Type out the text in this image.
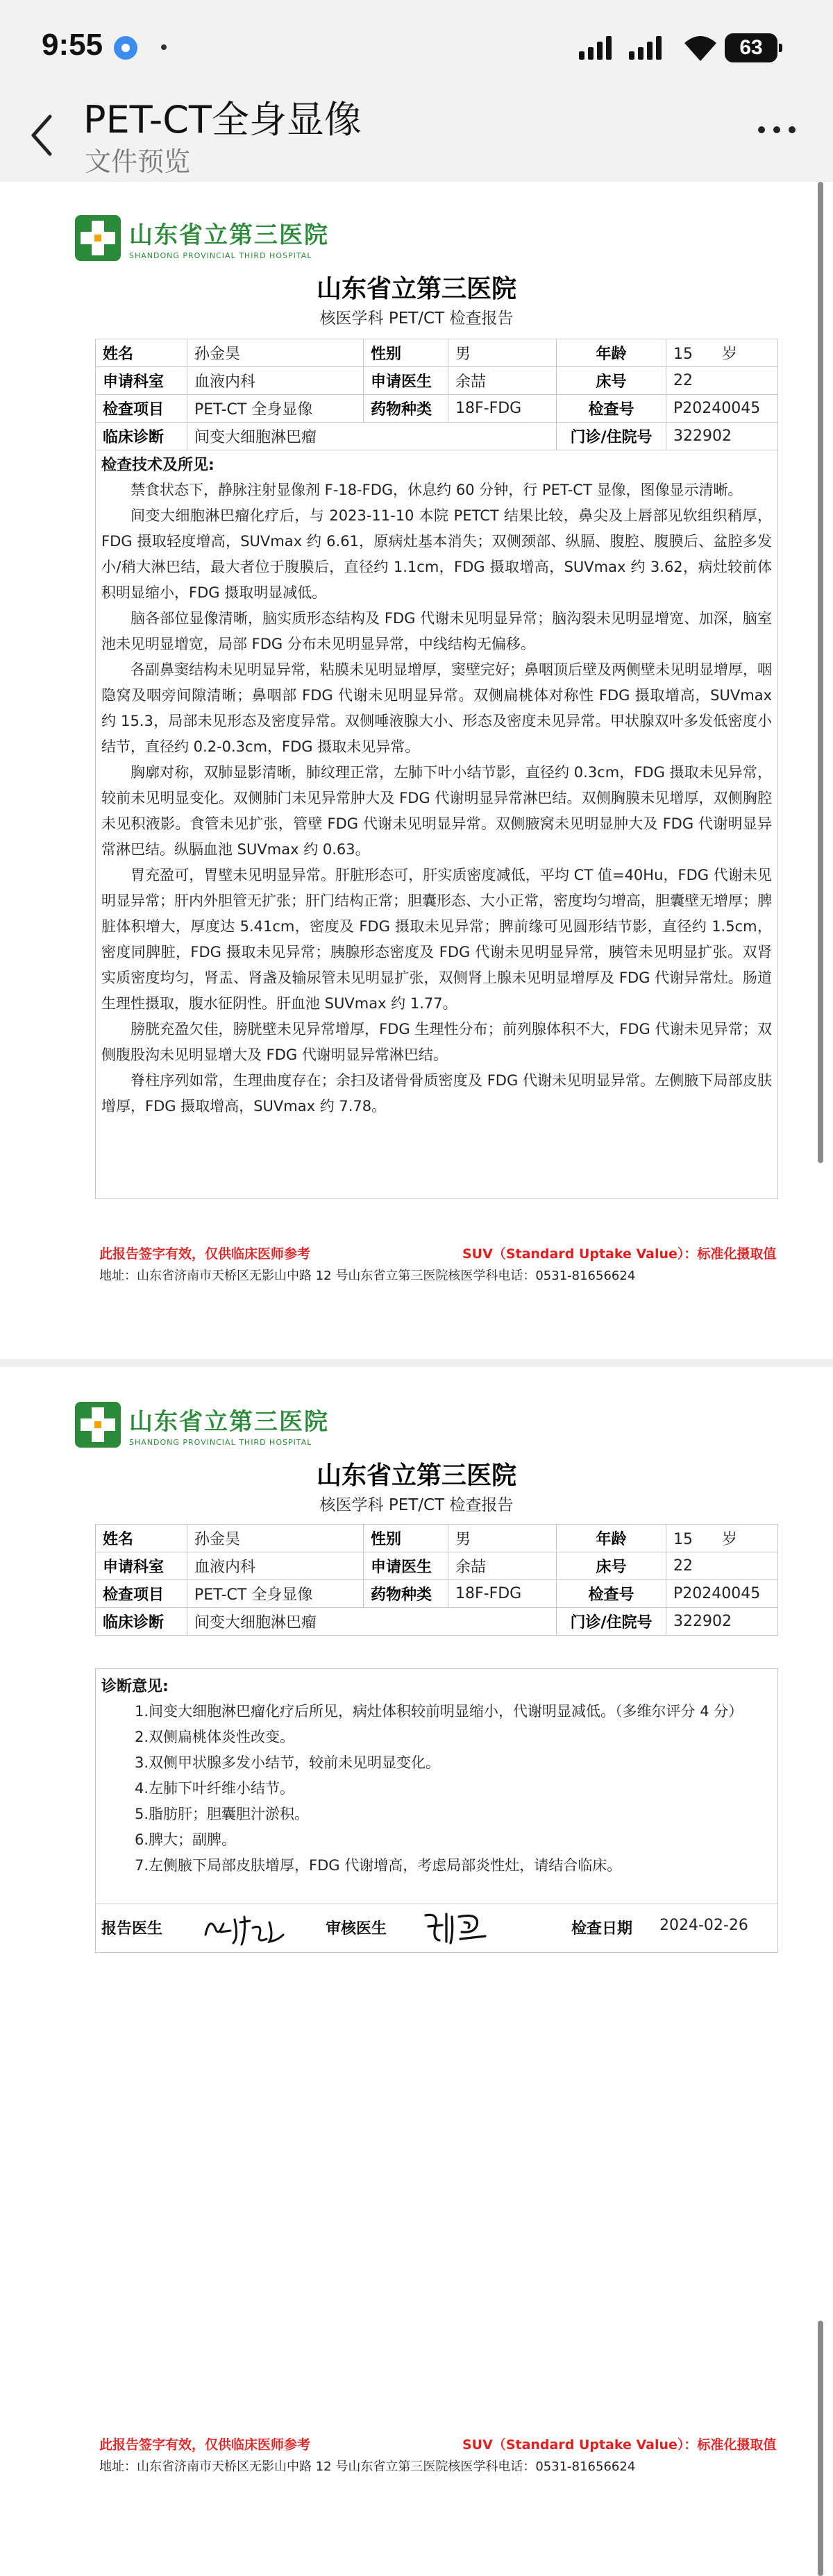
9:55	63
PET-CT全身显像
文件预览
山东省立第三医院
SHANDONG PROVINCIAL THIRD HOSPITAL
山东省立第三医院
核医学科 PET/CT 检查报告
姓名	孙金昊	性别	男	年龄	15 岁
申请科室	血液内科	申请医生	余喆	床号	22
检查项目	PET-CT 全身显像	药物种类	18F-FDG	检查号	P20240045
临床诊断	间变大细胞淋巴瘤			门诊/住院号	322902
检查技术及所见:

禁食状态下，静脉注射显像剂 F-18-FDG，休息约 60 分钟，行 PET-CT 显像，图像显示清晰。

间变大细胞淋巴瘤化疗后，与 2023-11-10 本院 PETCT 结果比较，鼻尖及上唇部见软组织稍厚，FDG 摄取轻度增高，SUVmax 约 6.61，原病灶基本消失；双侧颈部、纵膈、腹腔、腹膜后、盆腔多发小/稍大淋巴结，最大者位于腹膜后，直径约 1.1cm，FDG 摄取增高，SUVmax 约 3.62，病灶较前体积明显缩小，FDG 摄取明显减低。

脑各部位显像清晰，脑实质形态结构及 FDG 代谢未见明显异常；脑沟裂未见明显增宽、加深，脑室池未见明显增宽，局部 FDG 分布未见明显异常，中线结构无偏移。

各副鼻窦结构未见明显异常，粘膜未见明显增厚，窦壁完好；鼻咽顶后壁及两侧壁未见明显增厚，咽隐窝及咽旁间隙清晰；鼻咽部 FDG 代谢未见明显异常。双侧扁桃体对称性 FDG 摄取增高，SUVmax 约 15.3，局部未见形态及密度异常。双侧唾液腺大小、形态及密度未见异常。甲状腺双叶多发低密度小结节，直径约 0.2-0.3cm，FDG 摄取未见异常。

胸廓对称，双肺显影清晰，肺纹理正常，左肺下叶小结节影，直径约 0.3cm，FDG 摄取未见异常，较前未见明显变化。双侧肺门未见异常肿大及 FDG 代谢明显异常淋巴结。双侧胸膜未见增厚，双侧胸腔未见积液影。食管未见扩张，管壁 FDG 代谢未见明显异常。双侧腋窝未见明显肿大及 FDG 代谢明显异常淋巴结。纵膈血池 SUVmax 约 0.63。

胃充盈可，胃壁未见明显异常。肝脏形态可，肝实质密度减低，平均 CT 值=40Hu，FDG 代谢未见明显异常；肝内外胆管无扩张；肝门结构正常；胆囊形态、大小正常，密度均匀增高，胆囊壁无增厚；脾脏体积增大，厚度达 5.41cm，密度及 FDG 摄取未见异常；脾前缘可见圆形结节影，直径约 1.5cm，密度同脾脏，FDG 摄取未见异常；胰腺形态密度及 FDG 代谢未见明显异常，胰管未见明显扩张。双肾实质密度均匀，肾盂、肾盏及输尿管未见明显扩张，双侧肾上腺未见明显增厚及 FDG 代谢异常灶。肠道生理性摄取，腹水征阴性。肝血池 SUVmax 约 1.77。

膀胱充盈欠佳，膀胱壁未见异常增厚，FDG 生理性分布；前列腺体积不大，FDG 代谢未见异常；双侧腹股沟未见明显增大及 FDG 代谢明显异常淋巴结。

脊柱序列如常，生理曲度存在；余扫及诸骨骨质密度及 FDG 代谢未见明显异常。左侧腋下局部皮肤增厚，FDG 摄取增高，SUVmax 约 7.78。

此报告签字有效，仅供临床医师参考	SUV（Standard Uptake Value）：标准化摄取值
地址：山东省济南市天桥区无影山中路 12 号山东省立第三医院核医学科电话：0531-81656624
山东省立第三医院
SHANDONG PROVINCIAL THIRD HOSPITAL
山东省立第三医院
核医学科 PET/CT 检查报告
姓名	孙金昊	性别	男	年龄	15 岁
申请科室	血液内科	申请医生	余喆	床号	22
检查项目	PET-CT 全身显像	药物种类	18F-FDG	检查号	P20240045
临床诊断	间变大细胞淋巴瘤			门诊/住院号	322902
诊断意见:

1.间变大细胞淋巴瘤化疗后所见，病灶体积较前明显缩小，代谢明显减低。（多维尔评分 4 分）

2.双侧扁桃体炎性改变。

3.双侧甲状腺多发小结节，较前未见明显变化。

4.左肺下叶纤维小结节。

5.脂肪肝；胆囊胆汁淤积。

6.脾大；副脾。

7.左侧腋下局部皮肤增厚，FDG 代谢增高，考虑局部炎性灶，请结合临床。

报告医生	审核医生	检查日期 2024-02-26
此报告签字有效，仅供临床医师参考	SUV（Standard Uptake Value）：标准化摄取值
地址：山东省济南市天桥区无影山中路 12 号山东省立第三医院核医学科电话：0531-81656624
